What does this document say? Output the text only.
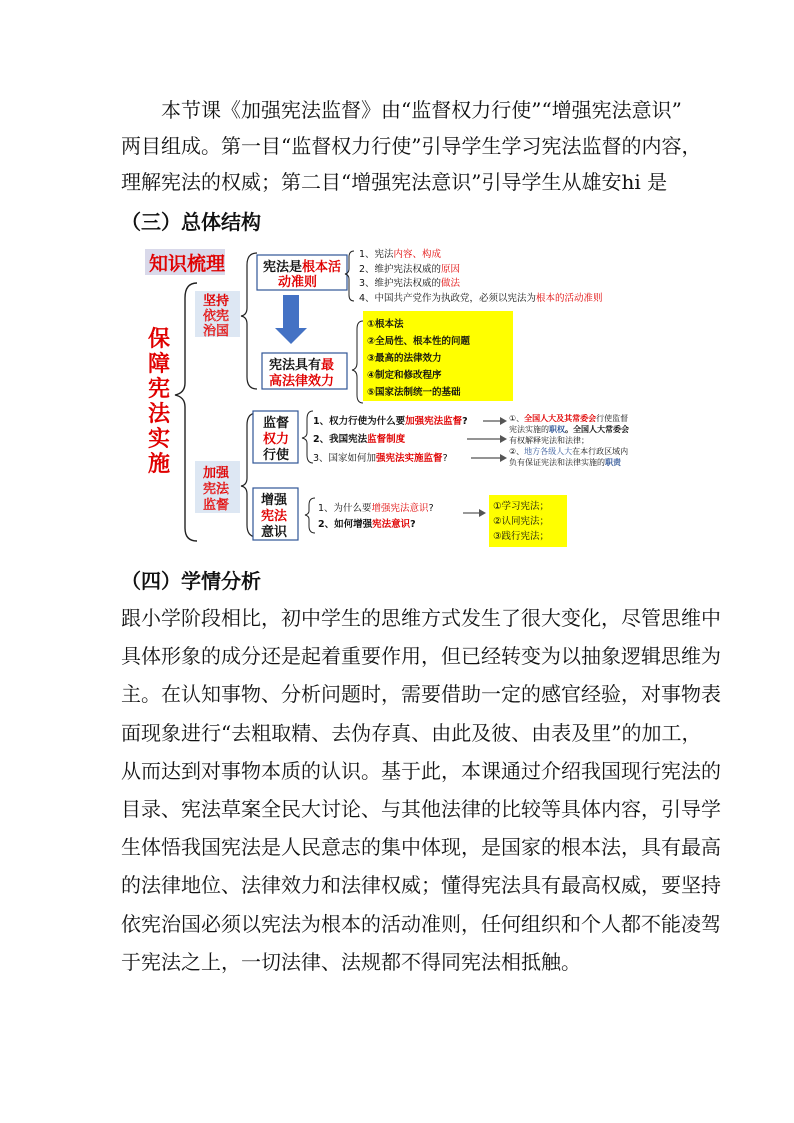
　　本节课《加强宪法监督》由“监督权力行使”“增强宪法意识”
两目组成。第一目“监督权力行使”引导学生学习宪法监督的内容，
理解宪法的权威；第二目“增强宪法意识”引导学生从雄安hi 是
（三）总体结构
知识梳理
保
障
宪
法
实
施
坚持
依宪
治国
加强
宪法
监督
宪法是根本活
动准则
1、宪法内容、构成
2、维护宪法权威的原因
3、维护宪法权威的做法
4、中国共产党作为执政党，必须以宪法为根本的活动准则
宪法具有最
高法律效力
①根本法
②全局性、根本性的问题
③最高的法律效力
④制定和修改程序
⑤国家法制统一的基础
监督
权力
行使
1、权力行使为什么要加强宪法监督?
2、我国宪法监督制度
3、国家如何加强宪法实施监督?
①、全国人大及其常委会行使监督
宪法实施的职权。全国人大常委会
有权解释宪法和法律；
②、地方各级人大在本行政区域内
负有保证宪法和法律实施的职责
增强
宪法
意识
1、为什么要增强宪法意识?
2、如何增强宪法意识?
①学习宪法；
②认同宪法；
③践行宪法；
（四）学情分析
跟小学阶段相比，初中学生的思维方式发生了很大变化，尽管思维中
具体形象的成分还是起着重要作用，但已经转变为以抽象逻辑思维为
主。在认知事物、分析问题时，需要借助一定的感官经验，对事物表
面现象进行“去粗取精、去伪存真、由此及彼、由表及里”的加工，
从而达到对事物本质的认识。基于此，本课通过介绍我国现行宪法的
目录、宪法草案全民大讨论、与其他法律的比较等具体内容，引导学
生体悟我国宪法是人民意志的集中体现，是国家的根本法，具有最高
的法律地位、法律效力和法律权威；懂得宪法具有最高权威，要坚持
依宪治国必须以宪法为根本的活动准则，任何组织和个人都不能凌驾
于宪法之上，一切法律、法规都不得同宪法相抵触。
